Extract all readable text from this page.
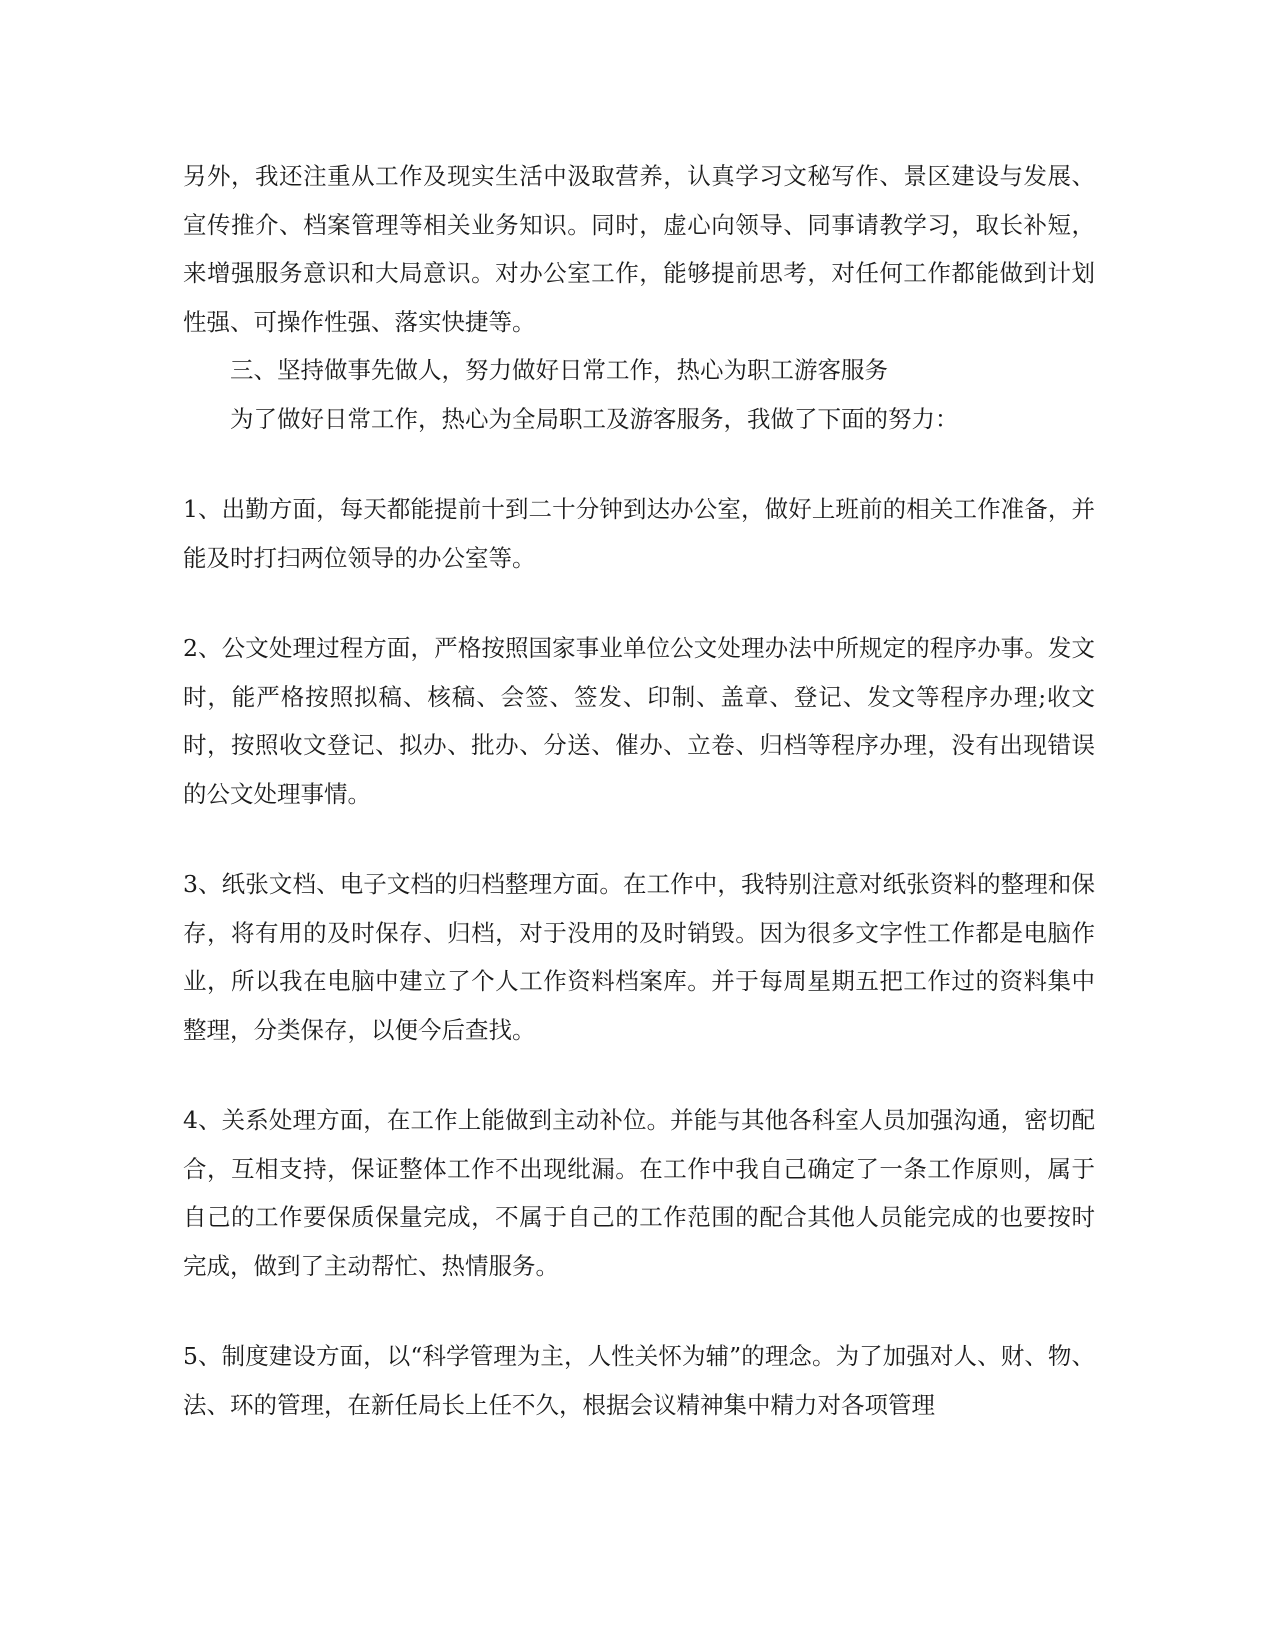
另外，我还注重从工作及现实生活中汲取营养，认真学习文秘写作、景区建设与发展、宣传推介、档案管理等相关业务知识。同时，虚心向领导、同事请教学习，取长补短，来增强服务意识和大局意识。对办公室工作，能够提前思考，对任何工作都能做到计划性强、可操作性强、落实快捷等。

三、坚持做事先做人，努力做好日常工作，热心为职工游客服务

为了做好日常工作，热心为全局职工及游客服务，我做了下面的努力：

1、出勤方面，每天都能提前十到二十分钟到达办公室，做好上班前的相关工作准备，并能及时打扫两位领导的办公室等。

2、公文处理过程方面，严格按照国家事业单位公文处理办法中所规定的程序办事。发文时，能严格按照拟稿、核稿、会签、签发、印制、盖章、登记、发文等程序办理;收文时，按照收文登记、拟办、批办、分送、催办、立卷、归档等程序办理，没有出现错误的公文处理事情。

3、纸张文档、电子文档的归档整理方面。在工作中，我特别注意对纸张资料的整理和保存，将有用的及时保存、归档，对于没用的及时销毁。因为很多文字性工作都是电脑作业，所以我在电脑中建立了个人工作资料档案库。并于每周星期五把工作过的资料集中整理，分类保存，以便今后查找。

4、关系处理方面，在工作上能做到主动补位。并能与其他各科室人员加强沟通，密切配合，互相支持，保证整体工作不出现纰漏。在工作中我自己确定了一条工作原则，属于自己的工作要保质保量完成，不属于自己的工作范围的配合其他人员能完成的也要按时完成，做到了主动帮忙、热情服务。

5、制度建设方面，以“科学管理为主，人性关怀为辅”的理念。为了加强对人、财、物、法、环的管理，在新任局长上任不久，根据会议精神集中精力对各项管理
